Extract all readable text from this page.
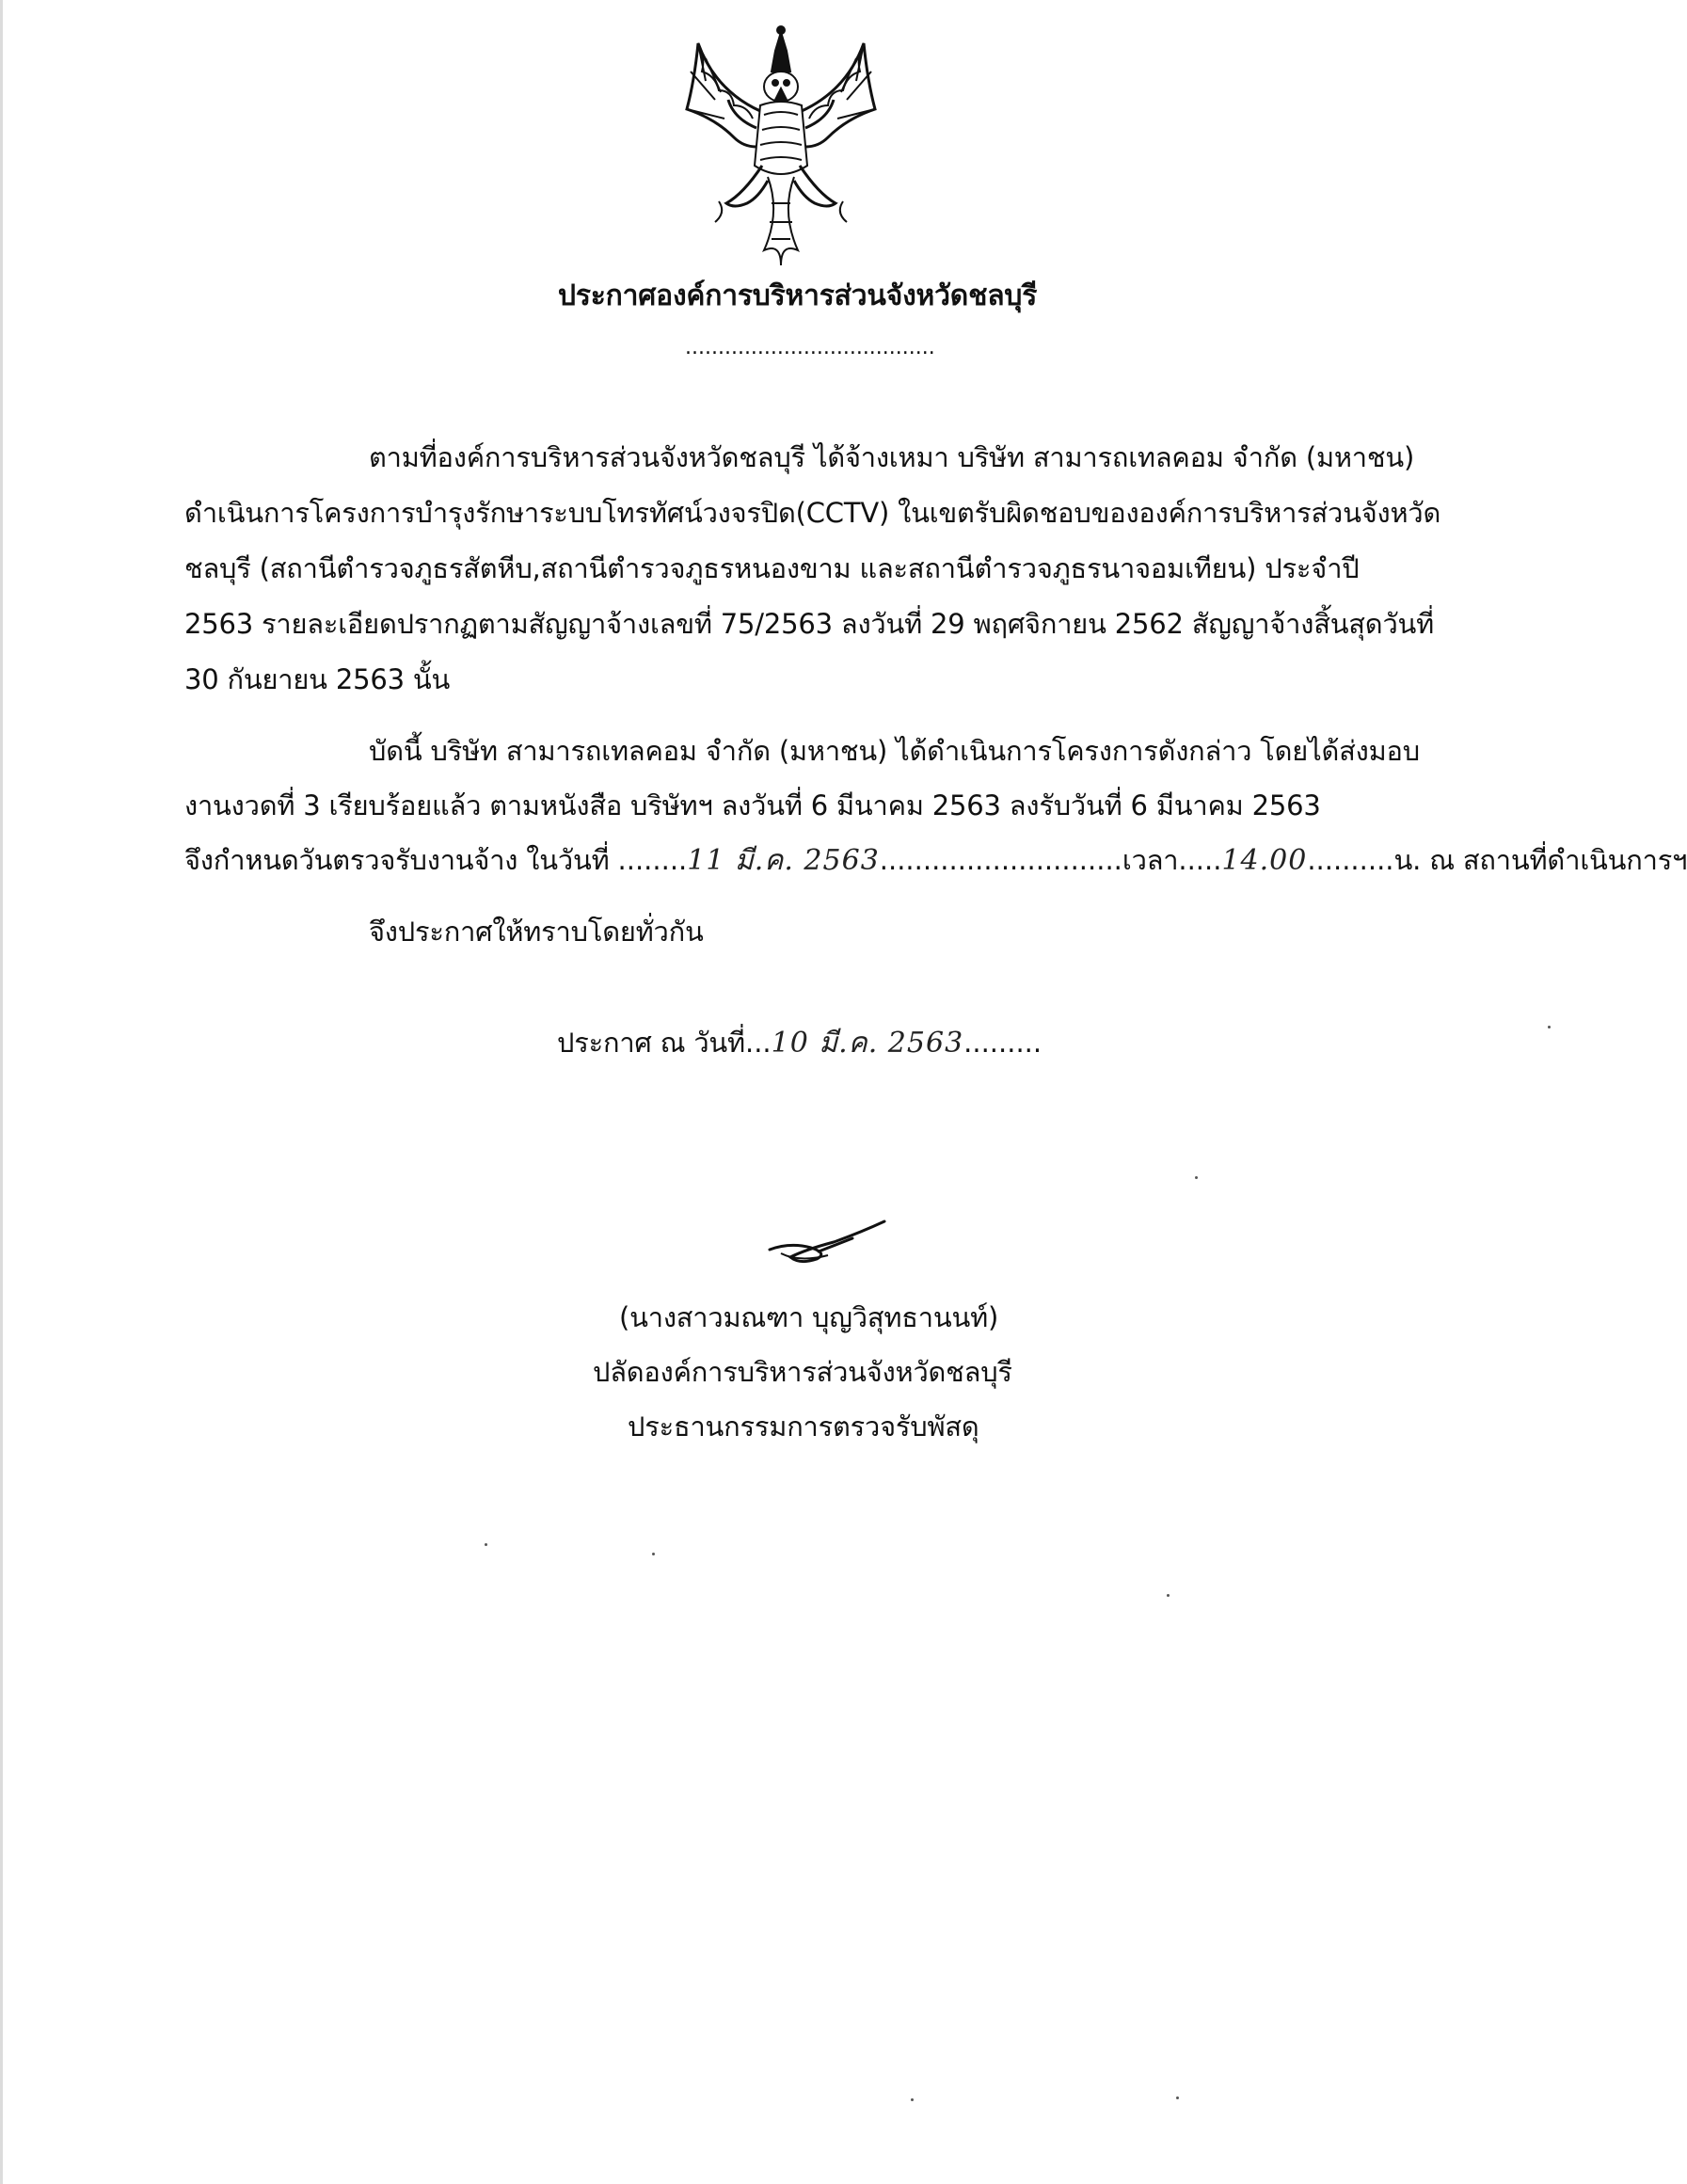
ประกาศองค์การบริหารส่วนจังหวัดชลบุรี
......................................
ตามที่องค์การบริหารส่วนจังหวัดชลบุรี ได้จ้างเหมา บริษัท สามารถเทลคอม จำกัด (มหาชน)
ดำเนินการโครงการบำรุงรักษาระบบโทรทัศน์วงจรปิด(CCTV) ในเขตรับผิดชอบขององค์การบริหารส่วนจังหวัด
ชลบุรี (สถานีตำรวจภูธรสัตหีบ,สถานีตำรวจภูธรหนองขาม และสถานีตำรวจภูธรนาจอมเทียน) ประจำปี
2563 รายละเอียดปรากฏตามสัญญาจ้างเลขที่ 75/2563 ลงวันที่ 29 พฤศจิกายน 2562 สัญญาจ้างสิ้นสุดวันที่
30 กันยายน 2563 นั้น
บัดนี้ บริษัท สามารถเทลคอม จำกัด (มหาชน) ได้ดำเนินการโครงการดังกล่าว โดยได้ส่งมอบ
งานงวดที่ 3 เรียบร้อยแล้ว ตามหนังสือ บริษัทฯ ลงวันที่ 6 มีนาคม 2563 ลงรับวันที่ 6 มีนาคม 2563
จึงกำหนดวันตรวจรับงานจ้าง ในวันที่ ........11 มี.ค. 2563............................เวลา.....14.00..........น. ณ สถานที่ดำเนินการฯ
จึงประกาศให้ทราบโดยทั่วกัน
ประกาศ ณ วันที่...10 มี.ค. 2563.........
(นางสาวมณฑา บุญวิสุทธานนท์)
ปลัดองค์การบริหารส่วนจังหวัดชลบุรี
ประธานกรรมการตรวจรับพัสดุ
